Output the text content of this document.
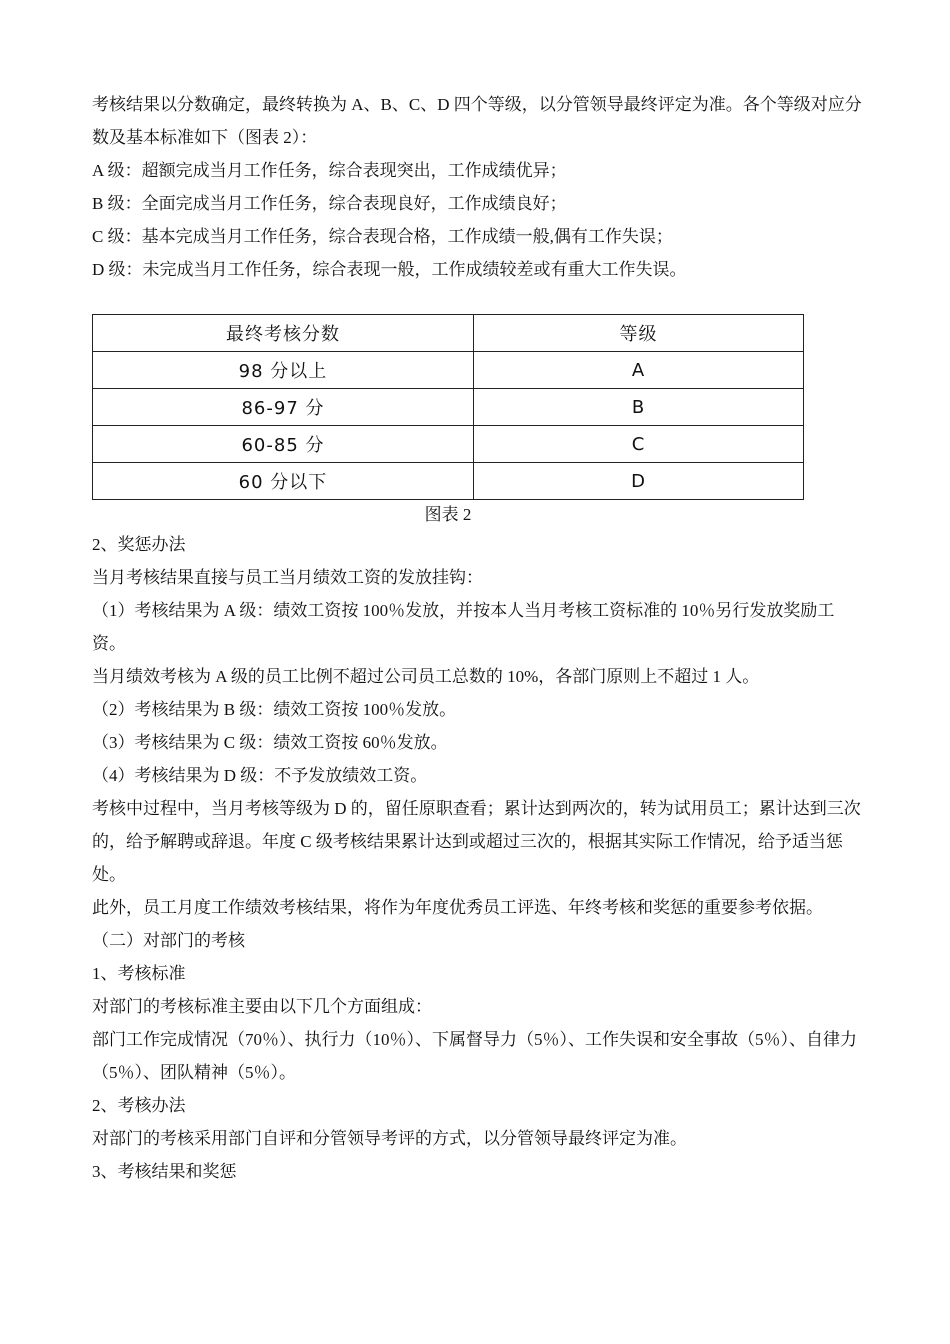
考核结果以分数确定，最终转换为 A、B、C、D 四个等级，以分管领导最终评定为准。各个等级对应分数及基本标准如下（图表 2）：

A 级：超额完成当月工作任务，综合表现突出，工作成绩优异；

B 级：全面完成当月工作任务，综合表现良好，工作成绩良好；

C 级：基本完成当月工作任务，综合表现合格，工作成绩一般,偶有工作失误；

D 级：未完成当月工作任务，综合表现一般，工作成绩较差或有重大工作失误。

最终考核分数	等级
98 分以上	A
86-97 分	B
60-85 分	C
60 分以下	D
图表 2

2、奖惩办法

当月考核结果直接与员工当月绩效工资的发放挂钩：

（1）考核结果为 A 级：绩效工资按 100％发放，并按本人当月考核工资标准的 10％另行发放奖励工资。

当月绩效考核为 A 级的员工比例不超过公司员工总数的 10%，各部门原则上不超过 1 人。

（2）考核结果为 B 级：绩效工资按 100％发放。

（3）考核结果为 C 级：绩效工资按 60％发放。

（4）考核结果为 D 级：不予发放绩效工资。

考核中过程中，当月考核等级为 D 的，留任原职查看；累计达到两次的，转为试用员工；累计达到三次的，给予解聘或辞退。年度 C 级考核结果累计达到或超过三次的，根据其实际工作情况，给予适当惩处。

此外，员工月度工作绩效考核结果，将作为年度优秀员工评选、年终考核和奖惩的重要参考依据。

（二）对部门的考核

1、考核标准

对部门的考核标准主要由以下几个方面组成：

部门工作完成情况（70％）、执行力（10％）、下属督导力（5％）、工作失误和安全事故（5％）、自律力（5％）、团队精神（5％）。

2、考核办法

对部门的考核采用部门自评和分管领导考评的方式，以分管领导最终评定为准。

3、考核结果和奖惩
